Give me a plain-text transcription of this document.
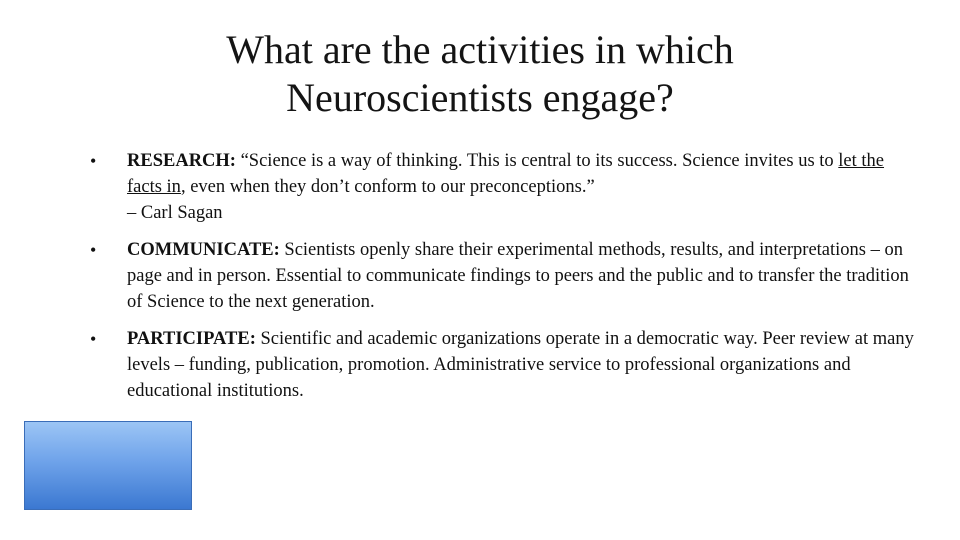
What are the activities in which
Neuroscientists engage?
• RESEARCH: “Science is a way of thinking. This is central to its success. Science invites us to let the facts in, even when they don’t conform to our preconceptions.”
– Carl Sagan
• COMMUNICATE: Scientists openly share their experimental methods, results, and interpretations – on page and in person. Essential to communicate findings to peers and the public and to transfer the tradition of Science to the next generation.
• PARTICIPATE: Scientific and academic organizations operate in a democratic way. Peer review at many levels – funding, publication, promotion. Administrative service to professional organizations and educational institutions.
